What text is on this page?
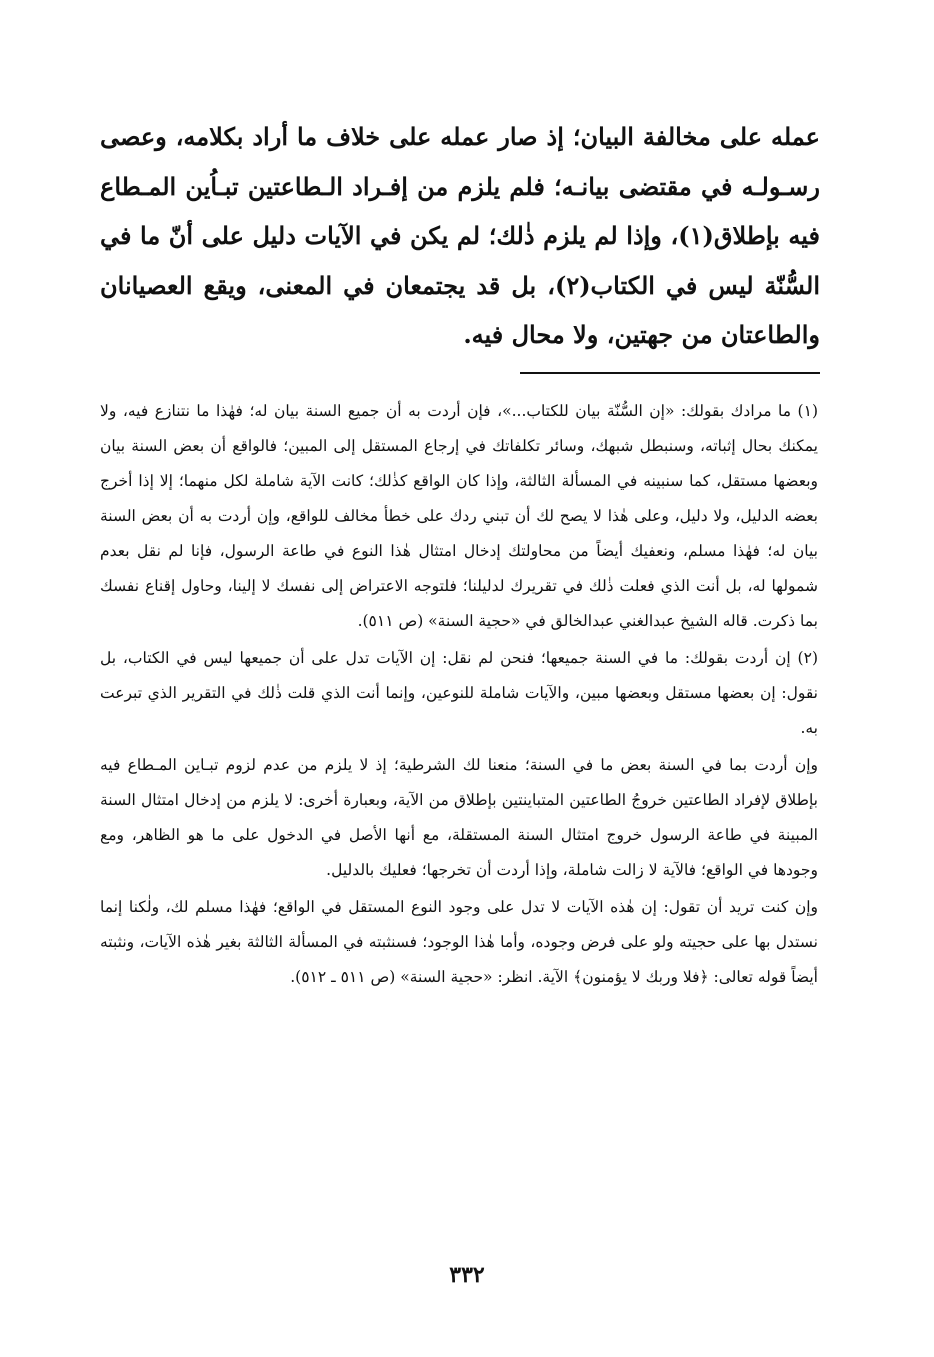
عمله على مخالفة البيان؛ إذ صار عمله على خلاف ما أراد بكلامه، وعصى رسـولـه في مقتضى بيانـه؛ فلم يلزم من إفـراد الـطاعتين تبـاُين المـطاع فيه بإطلاق(١)، وإذا لم يلزم ذٰلك؛ لم يكن في الآيات دليل على أنّ ما في السُّنّة ليس في الكتاب(٢)، بل قد يجتمعان في المعنى، ويقع العصيانان والطاعتان من جهتين، ولا محال فيه.

(١) ما مرادك بقولك: «إن السُّنّة بيان للكتاب...»، فإن أردت به أن جميع السنة بيان له؛ فهٰذا ما نتنازع فيه، ولا يمكنك بحال إثباته، وسنبطل شبهك، وسائر تكلفاتك في إرجاع المستقل إلى المبين؛ فالواقع أن بعض السنة بيان وبعضها مستقل، كما سنبينه في المسألة الثالثة، وإذا كان الواقع كذٰلك؛ كانت الآية شاملة لكل منهما؛ إلا إذا أخرج بعضه الدليل، ولا دليل، وعلى هٰذا لا يصح لك أن تبني ردك على خطأ مخالف للواقع، وإن أردت به أن بعض السنة بيان له؛ فهٰذا مسلم، ونعفيك أيضاً من محاولتك إدخال امتثال هٰذا النوع في طاعة الرسول، فإنا لم نقل بعدم شمولها له، بل أنت الذي فعلت ذٰلك في تقريرك لدليلنا؛ فلتوجه الاعتراض إلى نفسك لا إلينا، وحاول إقناع نفسك بما ذكرت. قاله الشيخ عبدالغني عبدالخالق في «حجية السنة» (ص ٥١١).

(٢) إن أردت بقولك: ما في السنة جميعها؛ فنحن لم نقل: إن الآيات تدل على أن جميعها ليس في الكتاب، بل نقول: إن بعضها مستقل وبعضها مبين، والآيات شاملة للنوعين، وإنما أنت الذي قلت ذٰلك في التقرير الذي تبرعت به.

وإن أردت بما في السنة بعض ما في السنة؛ منعنا لك الشرطية؛ إذ لا يلزم من عدم لزوم تبـاين المـطاع فيه بإطلاق لإفراد الطاعتين خروجُ الطاعتين المتباينتين بإطلاق من الآية، وبعبارة أخرى: لا يلزم من إدخال امتثال السنة المبينة في طاعة الرسول خروج امتثال السنة المستقلة، مع أنها الأصل في الدخول على ما هو الظاهر، ومع وجودها في الواقع؛ فالآية لا زالت شاملة، وإذا أردت أن تخرجها؛ فعليك بالدليل.

وإن كنت تريد أن تقول: إن هٰذه الآيات لا تدل على وجود النوع المستقل في الواقع؛ فهٰذا مسلم لك، ولٰكنا إنما نستدل بها على حجيته ولو على فرض وجوده، وأما هٰذا الوجود؛ فسنثبته في المسألة الثالثة بغير هٰذه الآيات، ونثبته أيضاً قوله تعالى: ﴿فلا وربك لا يؤمنون﴾ الآية. انظر: «حجية السنة» (ص ٥١١ ـ ٥١٢).

٣٣٢
